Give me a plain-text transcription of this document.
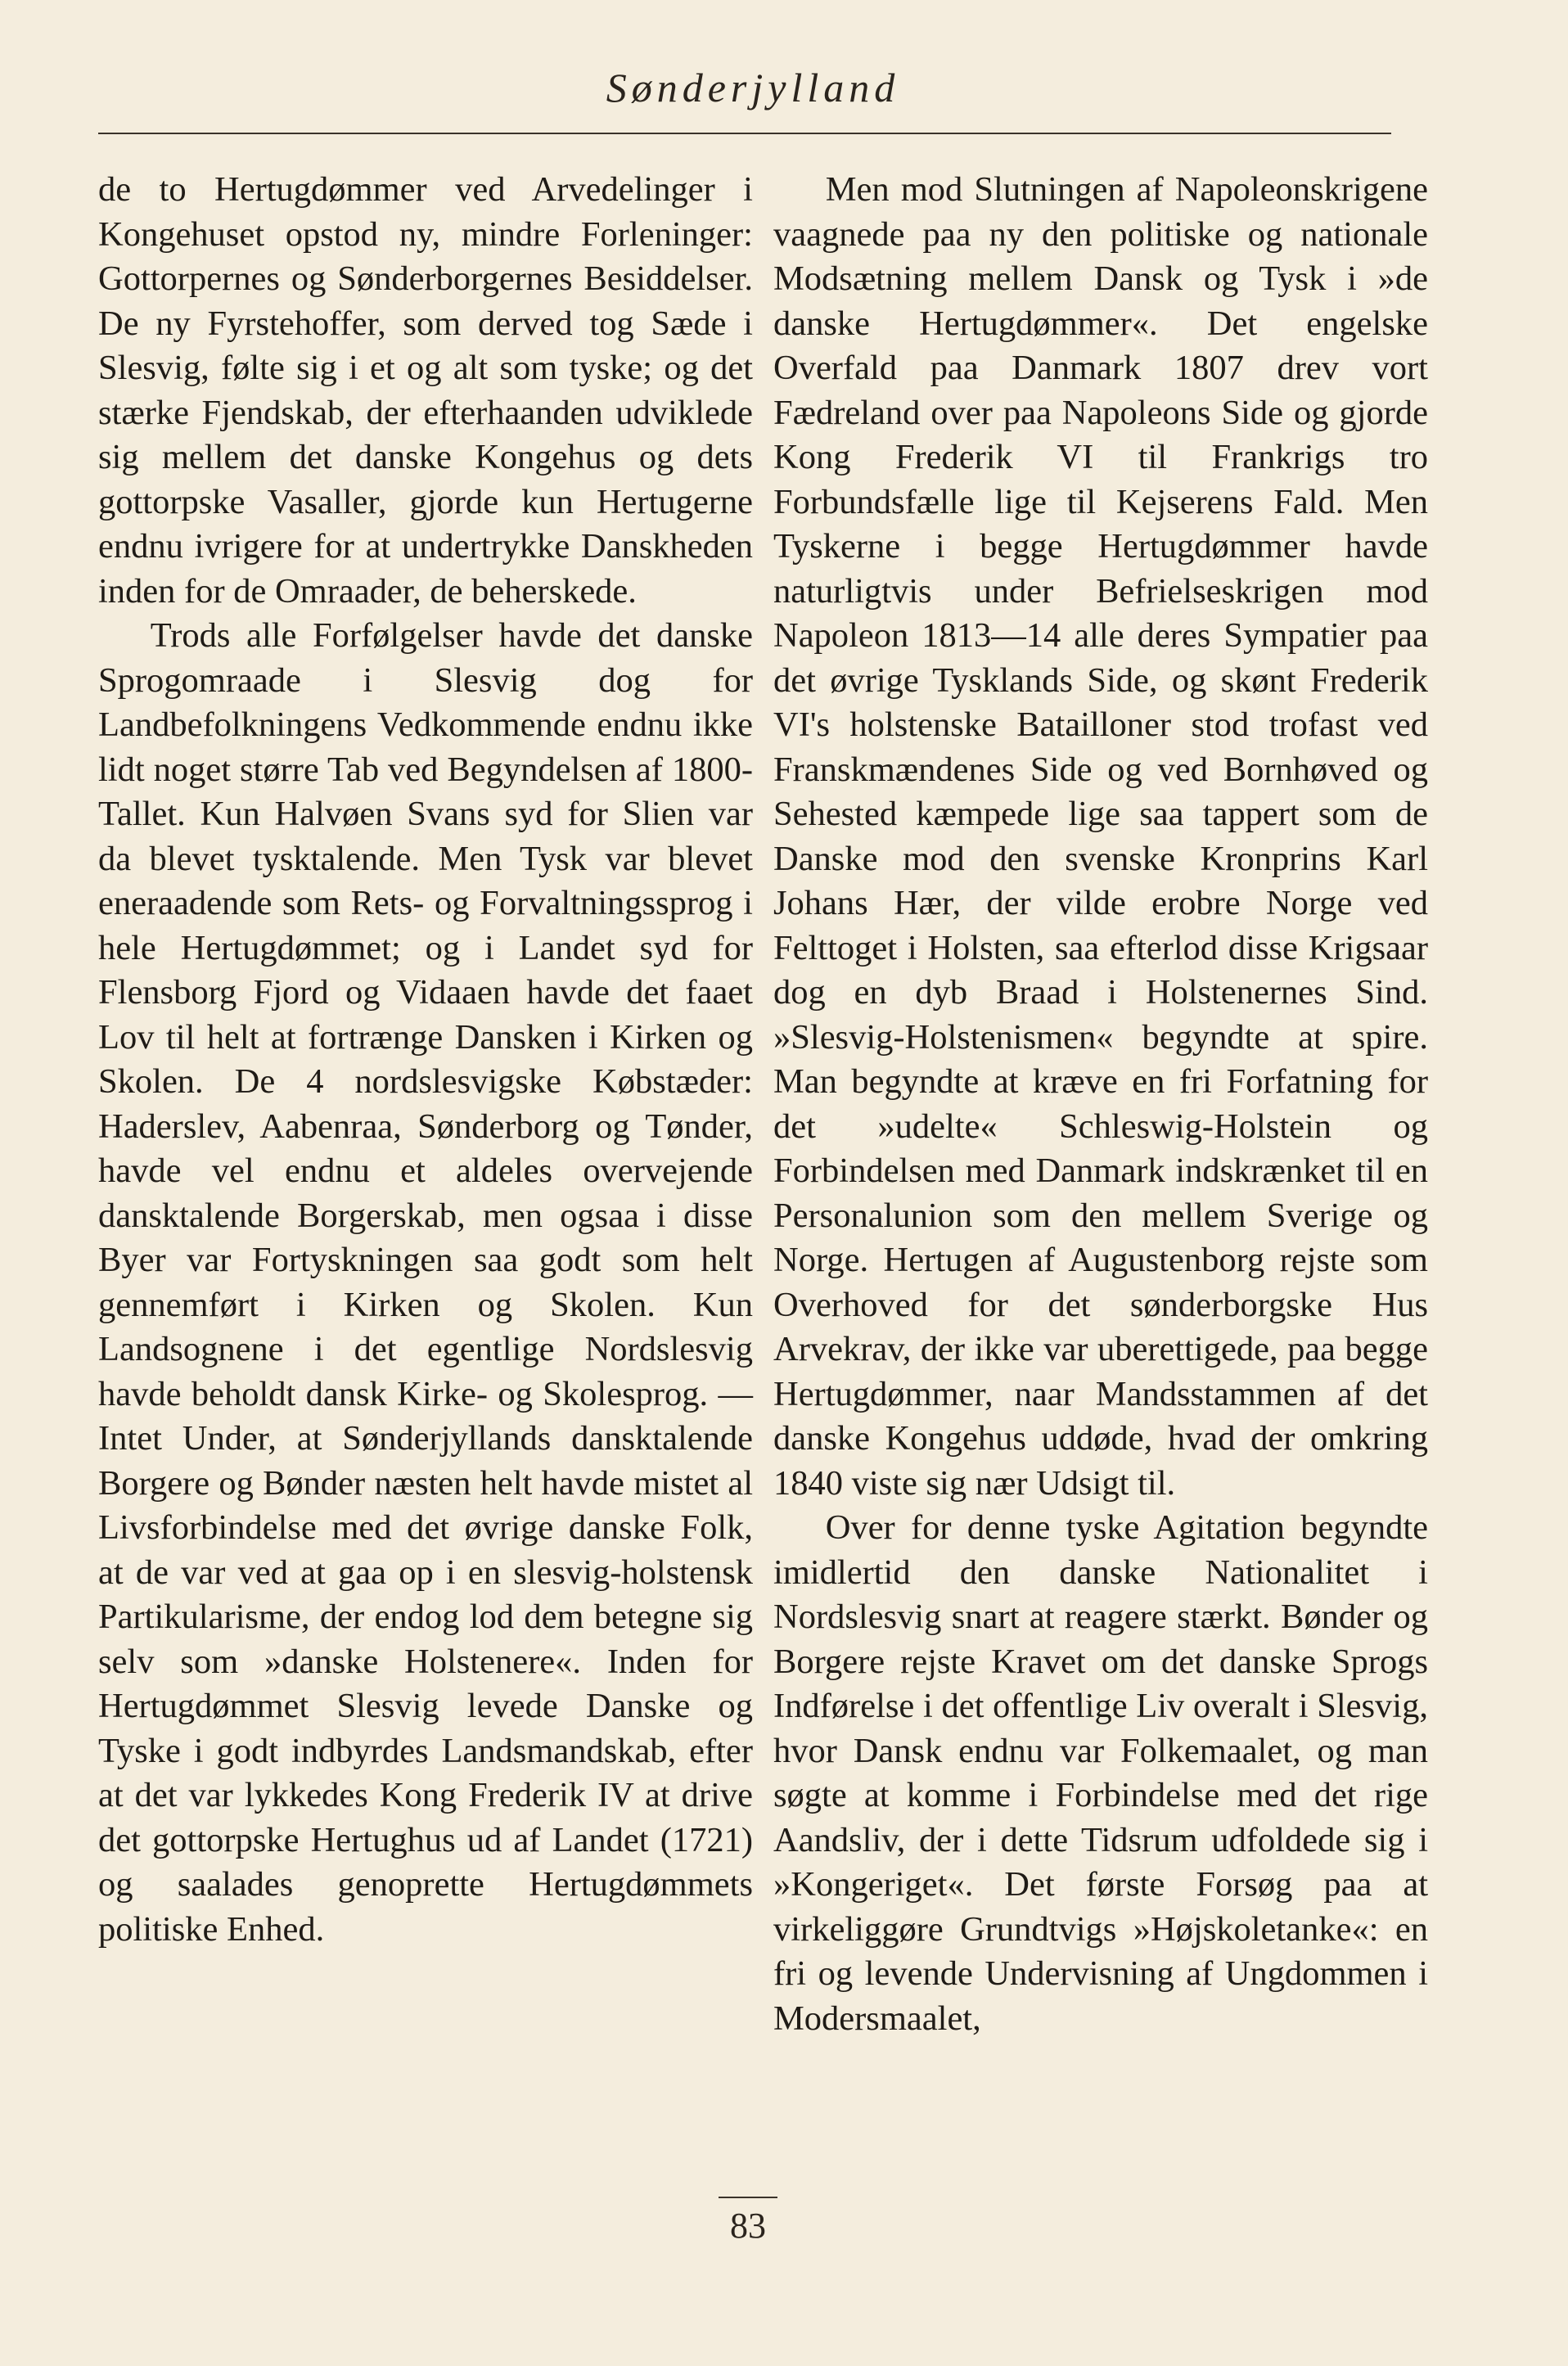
Sønderjylland

de to Hertugdømmer ved Arvedelinger i Kongehuset opstod ny, mindre Forleninger: Gottorpernes og Sønderborgernes Besiddelser. De ny Fyrstehoffer, som derved tog Sæde i Slesvig, følte sig i et og alt som tyske; og det stærke Fjendskab, der efterhaanden udviklede sig mellem det danske Kongehus og dets gottorpske Vasaller, gjorde kun Hertugerne endnu ivrigere for at undertrykke Danskheden inden for de Omraader, de beherskede.

Trods alle Forfølgelser havde det danske Sprogomraade i Slesvig dog for Landbefolkningens Vedkommende endnu ikke lidt noget større Tab ved Begyndelsen af 1800-Tallet. Kun Halvøen Svans syd for Slien var da blevet tysktalende. Men Tysk var blevet eneraadende som Rets- og Forvaltningssprog i hele Hertugdømmet; og i Landet syd for Flensborg Fjord og Vidaaen havde det faaet Lov til helt at fortrænge Dansken i Kirken og Skolen. De 4 nordslesvigske Købstæder: Haderslev, Aabenraa, Sønderborg og Tønder, havde vel endnu et aldeles overvejende dansktalende Borgerskab, men ogsaa i disse Byer var Fortyskningen saa godt som helt gennemført i Kirken og Skolen. Kun Landsognene i det egentlige Nordslesvig havde beholdt dansk Kirke- og Skolesprog. — Intet Under, at Sønderjyllands dansktalende Borgere og Bønder næsten helt havde mistet al Livsforbindelse med det øvrige danske Folk, at de var ved at gaa op i en slesvig-holstensk Partikularisme, der endog lod dem betegne sig selv som »danske Holstenere«. Inden for Hertugdømmet Slesvig levede Danske og Tyske i godt indbyrdes Landsmandskab, efter at det var lykkedes Kong Frederik IV at drive det gottorpske Hertughus ud af Landet (1721) og saalades genoprette Hertugdømmets politiske Enhed.

Men mod Slutningen af Napoleonskrigene vaagnede paa ny den politiske og nationale Modsætning mellem Dansk og Tysk i »de danske Hertugdømmer«. Det engelske Overfald paa Danmark 1807 drev vort Fædreland over paa Napoleons Side og gjorde Kong Frederik VI til Frankrigs tro Forbundsfælle lige til Kejserens Fald. Men Tyskerne i begge Hertugdømmer havde naturligtvis under Befrielseskrigen mod Napoleon 1813—14 alle deres Sympatier paa det øvrige Tysklands Side, og skønt Frederik VI's holstenske Batailloner stod trofast ved Franskmændenes Side og ved Bornhøved og Sehested kæmpede lige saa tappert som de Danske mod den svenske Kronprins Karl Johans Hær, der vilde erobre Norge ved Felttoget i Holsten, saa efterlod disse Krigsaar dog en dyb Braad i Holstenernes Sind. »Slesvig-Holstenismen« begyndte at spire. Man begyndte at kræve en fri Forfatning for det »udelte« Schleswig-Holstein og Forbindelsen med Danmark indskrænket til en Personalunion som den mellem Sverige og Norge. Hertugen af Augustenborg rejste som Overhoved for det sønderborgske Hus Arvekrav, der ikke var uberettigede, paa begge Hertugdømmer, naar Mandsstammen af det danske Kongehus uddøde, hvad der omkring 1840 viste sig nær Udsigt til.

Over for denne tyske Agitation begyndte imidlertid den danske Nationalitet i Nordslesvig snart at reagere stærkt. Bønder og Borgere rejste Kravet om det danske Sprogs Indførelse i det offentlige Liv overalt i Slesvig, hvor Dansk endnu var Folkemaalet, og man søgte at komme i Forbindelse med det rige Aandsliv, der i dette Tidsrum udfoldede sig i »Kongeriget«. Det første Forsøg paa at virkeliggøre Grundtvigs »Højskoletanke«: en fri og levende Undervisning af Ungdommen i Modersmaalet,

83
